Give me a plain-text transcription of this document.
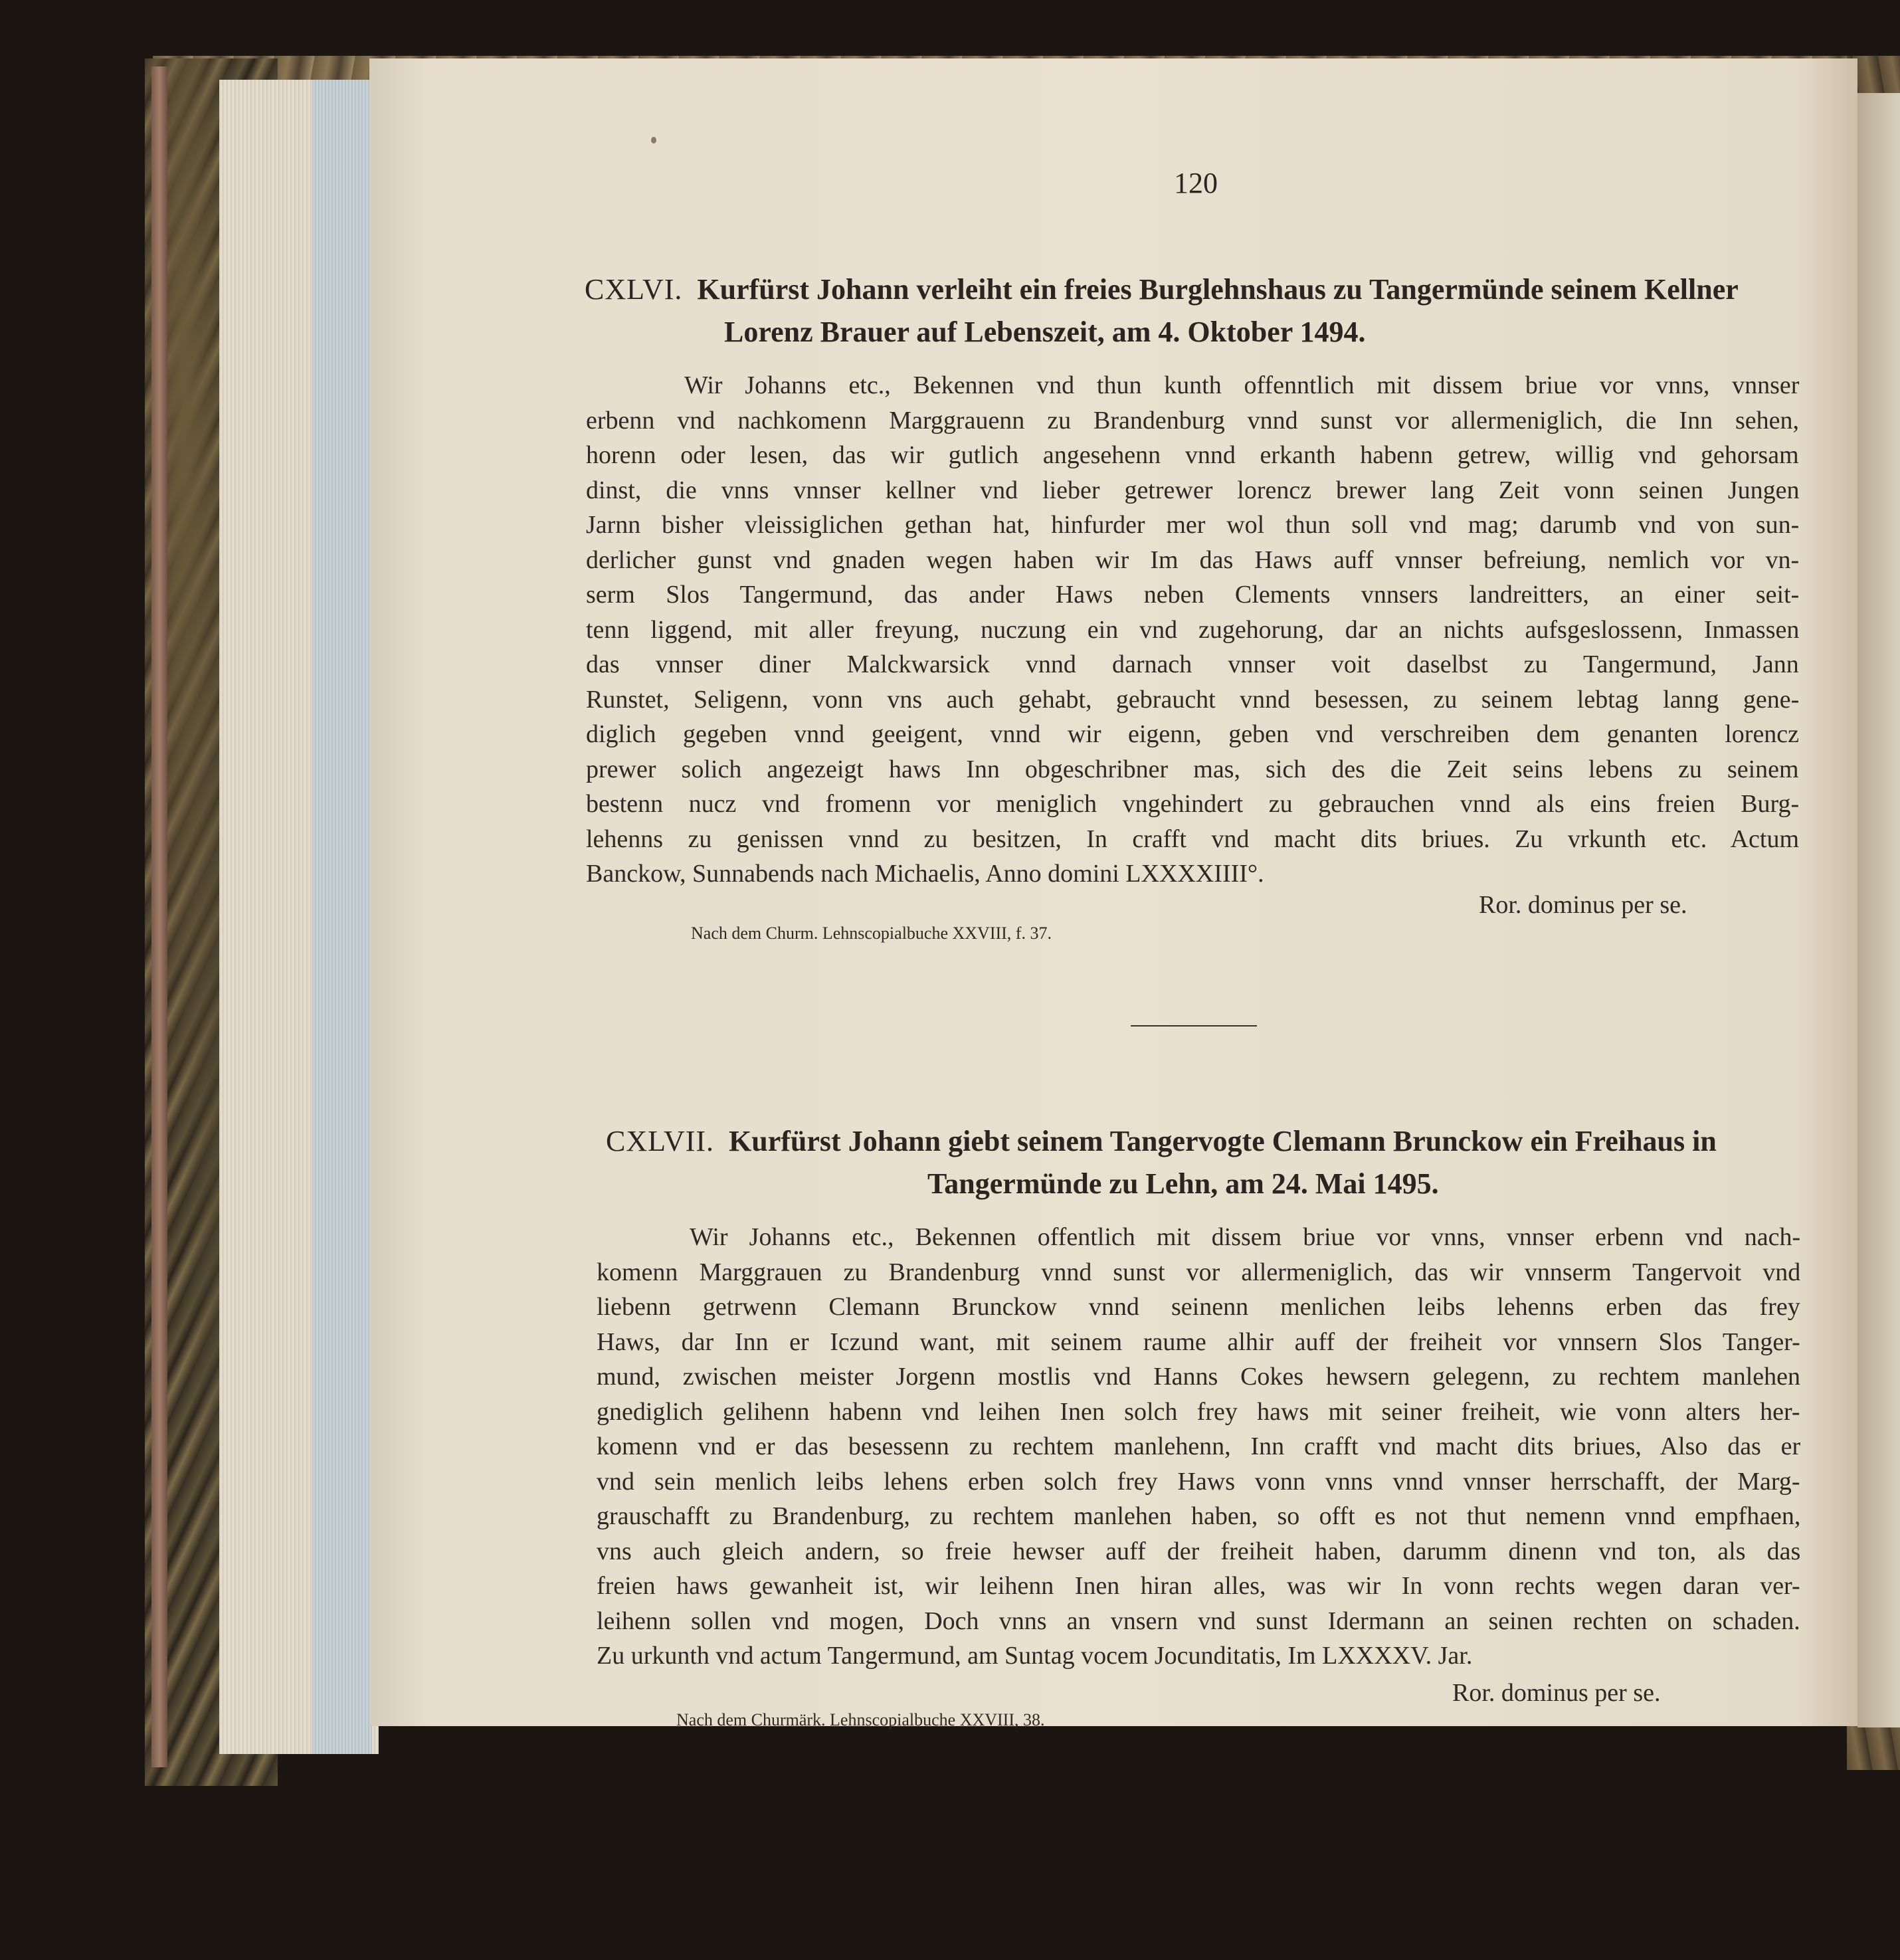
120
CXLVI. Kurfürst Johann verleiht ein freies Burglehnshaus zu Tangermünde seinem Kellner
Lorenz Brauer auf Lebenszeit, am 4. Oktober 1494.
Wir Johanns etc., Bekennen vnd thun kunth offenntlich mit dissem briue vor vnns, vnnser
erbenn vnd nachkomenn Marggrauenn zu Brandenburg vnnd sunst vor allermeniglich, die Inn sehen,
horenn oder lesen, das wir gutlich angesehenn vnnd erkanth habenn getrew, willig vnd gehorsam
dinst, die vnns vnnser kellner vnd lieber getrewer lorencz brewer lang Zeit vonn seinen Jungen
Jarnn bisher vleissiglichen gethan hat, hinfurder mer wol thun soll vnd mag; darumb vnd von sun-
derlicher gunst vnd gnaden wegen haben wir Im das Haws auff vnnser befreiung, nemlich vor vn-
serm Slos Tangermund, das ander Haws neben Clements vnnsers landreitters, an einer seit-
tenn liggend, mit aller freyung, nuczung ein vnd zugehorung, dar an nichts aufsgeslossenn, Inmassen
das vnnser diner Malckwarsick vnnd darnach vnnser voit daselbst zu Tangermund, Jann
Runstet, Seligenn, vonn vns auch gehabt, gebraucht vnnd besessen, zu seinem lebtag lanng gene-
diglich gegeben vnnd geeigent, vnnd wir eigenn, geben vnd verschreiben dem genanten lorencz
prewer solich angezeigt haws Inn obgeschribner mas, sich des die Zeit seins lebens zu seinem
bestenn nucz vnd fromenn vor meniglich vngehindert zu gebrauchen vnnd als eins freien Burg-
lehenns zu genissen vnnd zu besitzen, In crafft vnd macht dits briues. Zu vrkunth etc. Actum
Banckow, Sunnabends nach Michaelis, Anno domini LXXXXIIII°.
Ror. dominus per se.
Nach dem Churm. Lehnscopialbuche XXVIII, f. 37.
CXLVII. Kurfürst Johann giebt seinem Tangervogte Clemann Brunckow ein Freihaus in
Tangermünde zu Lehn, am 24. Mai 1495.
Wir Johanns etc., Bekennen offentlich mit dissem briue vor vnns, vnnser erbenn vnd nach-
komenn Marggrauen zu Brandenburg vnnd sunst vor allermeniglich, das wir vnnserm Tangervoit vnd
liebenn getrwenn Clemann Brunckow vnnd seinenn menlichen leibs lehenns erben das frey
Haws, dar Inn er Iczund want, mit seinem raume alhir auff der freiheit vor vnnsern Slos Tanger-
mund, zwischen meister Jorgenn mostlis vnd Hanns Cokes hewsern gelegenn, zu rechtem manlehen
gnediglich gelihenn habenn vnd leihen Inen solch frey haws mit seiner freiheit, wie vonn alters her-
komenn vnd er das besessenn zu rechtem manlehenn, Inn crafft vnd macht dits briues, Also das er
vnd sein menlich leibs lehens erben solch frey Haws vonn vnns vnnd vnnser herrschafft, der Marg-
grauschafft zu Brandenburg, zu rechtem manlehen haben, so offt es not thut nemenn vnnd empfhaen,
vns auch gleich andern, so freie hewser auff der freiheit haben, darumm dinenn vnd ton, als das
freien haws gewanheit ist, wir leihenn Inen hiran alles, was wir In vonn rechts wegen daran ver-
leihenn sollen vnd mogen, Doch vnns an vnsern vnd sunst Idermann an seinen rechten on schaden.
Zu urkunth vnd actum Tangermund, am Suntag vocem Jocunditatis, Im LXXXXV. Jar.
Ror. dominus per se.
Nach dem Churmärk. Lehnscopialbuche XXVIII, 38.
